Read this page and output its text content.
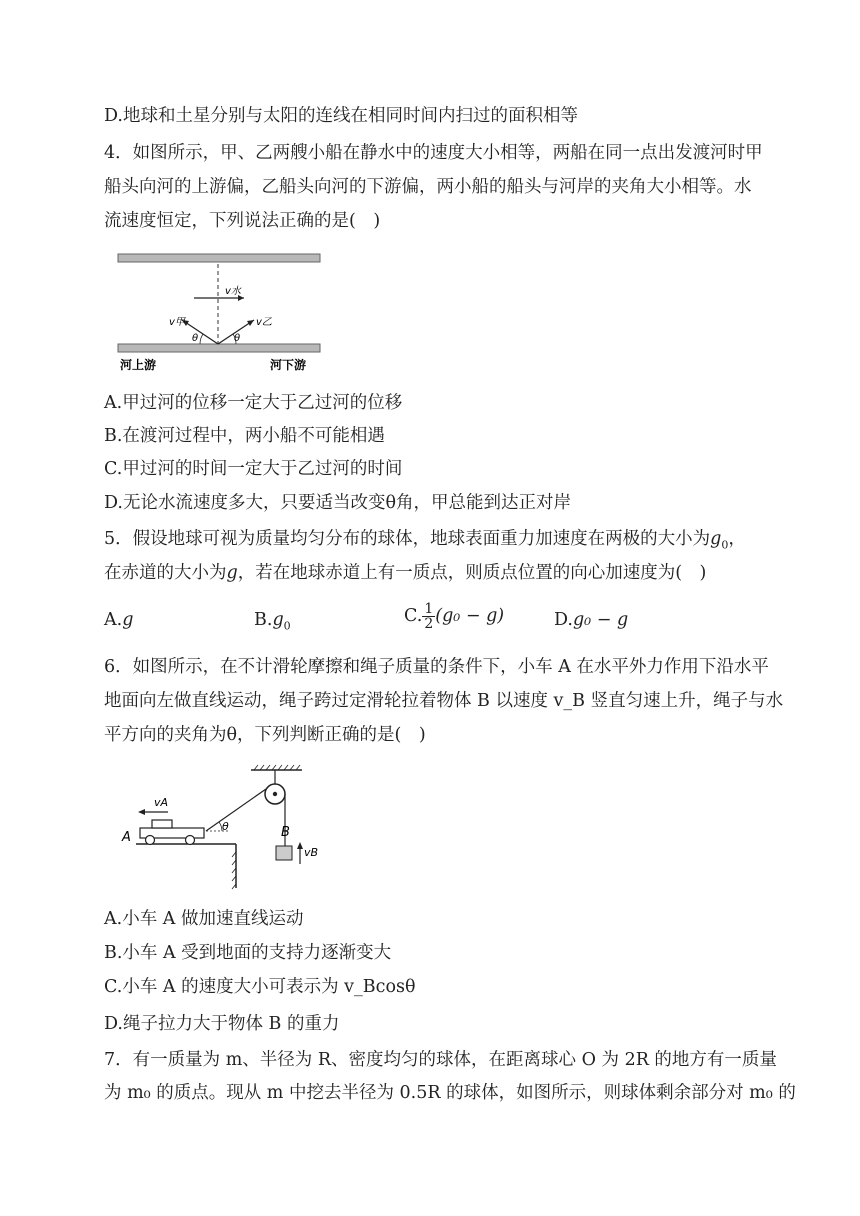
D.地球和土星分别与太阳的连线在相同时间内扫过的面积相等
4．如图所示，甲、乙两艘小船在静水中的速度大小相等，两船在同一点出发渡河时甲
船头向河的上游偏，乙船头向河的下游偏，两小船的船头与河岸的夹角大小相等。水
流速度恒定，下列说法正确的是(　)
v水
v甲	v乙
θ	θ
河上游	河下游
A.甲过河的位移一定大于乙过河的位移
B.在渡河过程中，两小船不可能相遇
C.甲过河的时间一定大于乙过河的时间
D.无论水流速度多大，只要适当改变θ角，甲总能到达正对岸
5．假设地球可视为质量均匀分布的球体，地球表面重力加速度在两极的大小为$g_0$，
在赤道的大小为g，若在地球赤道上有一质点，则质点位置的向心加速度为(　)
A.g	$B.g_0$	C. $\frac{1}{2} (g_0 - g)$	D.g₀ − g
6．如图所示，在不计滑轮摩擦和绳子质量的条件下，小车 A 在水平外力作用下沿水平
地面向左做直线运动，绳子跨过定滑轮拉着物体 B 以速度 v_B 竖直匀速上升，绳子与水
平方向的夹角为θ，下列判断正确的是(　)
B
vB
A
vA
θ
A.小车 A 做加速直线运动
B.小车 A 受到地面的支持力逐渐变大
C.小车 A 的速度大小可表示为 v_Bcosθ
D.绳子拉力大于物体 B 的重力
7．有一质量为 m、半径为 R、密度均匀的球体，在距离球心 O 为 2R 的地方有一质量
为 m₀ 的质点。现从 m 中挖去半径为 0.5R 的球体，如图所示，则球体剩余部分对 m₀ 的
